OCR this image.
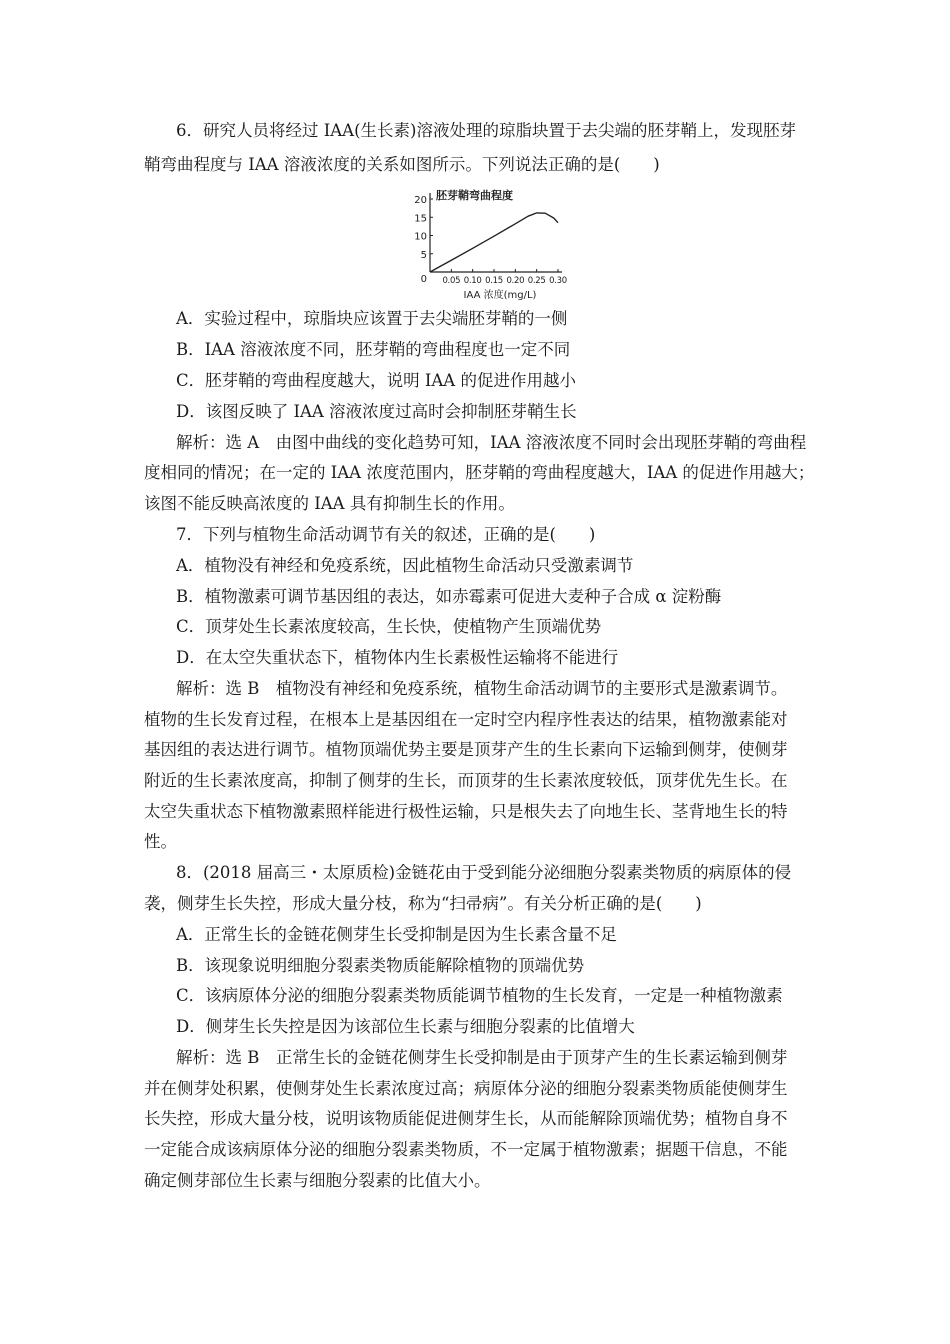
6．研究人员将经过 IAA(生长素)溶液处理的琼脂块置于去尖端的胚芽鞘上，发现胚芽
鞘弯曲程度与 IAA 溶液浓度的关系如图所示。下列说法正确的是(　　)
5
10
15
20
0.05 0.10 0.15 0.20 0.25 0.30
0
胚芽鞘弯曲程度
IAA 浓度(mg/L)
A．实验过程中，琼脂块应该置于去尖端胚芽鞘的一侧
B．IAA 溶液浓度不同，胚芽鞘的弯曲程度也一定不同
C．胚芽鞘的弯曲程度越大，说明 IAA 的促进作用越小
D．该图反映了 IAA 溶液浓度过高时会抑制胚芽鞘生长
解析：选 A　由图中曲线的变化趋势可知，IAA 溶液浓度不同时会出现胚芽鞘的弯曲程
度相同的情况；在一定的 IAA 浓度范围内，胚芽鞘的弯曲程度越大，IAA 的促进作用越大；
该图不能反映高浓度的 IAA 具有抑制生长的作用。
7．下列与植物生命活动调节有关的叙述，正确的是(　　)
A．植物没有神经和免疫系统，因此植物生命活动只受激素调节
B．植物激素可调节基因组的表达，如赤霉素可促进大麦种子合成 α 淀粉酶
C．顶芽处生长素浓度较高，生长快，使植物产生顶端优势
D．在太空失重状态下，植物体内生长素极性运输将不能进行
解析：选 B　植物没有神经和免疫系统，植物生命活动调节的主要形式是激素调节。
植物的生长发育过程，在根本上是基因组在一定时空内程序性表达的结果，植物激素能对
基因组的表达进行调节。植物顶端优势主要是顶芽产生的生长素向下运输到侧芽，使侧芽
附近的生长素浓度高，抑制了侧芽的生长，而顶芽的生长素浓度较低，顶芽优先生长。在
太空失重状态下植物激素照样能进行极性运输，只是根失去了向地生长、茎背地生长的特
性。
8．(2018 届高三・太原质检)金链花由于受到能分泌细胞分裂素类物质的病原体的侵
袭，侧芽生长失控，形成大量分枝，称为“扫帚病”。有关分析正确的是(　　)
A．正常生长的金链花侧芽生长受抑制是因为生长素含量不足
B．该现象说明细胞分裂素类物质能解除植物的顶端优势
C．该病原体分泌的细胞分裂素类物质能调节植物的生长发育，一定是一种植物激素
D．侧芽生长失控是因为该部位生长素与细胞分裂素的比值增大
解析：选 B　正常生长的金链花侧芽生长受抑制是由于顶芽产生的生长素运输到侧芽
并在侧芽处积累，使侧芽处生长素浓度过高；病原体分泌的细胞分裂素类物质能使侧芽生
长失控，形成大量分枝，说明该物质能促进侧芽生长，从而能解除顶端优势；植物自身不
一定能合成该病原体分泌的细胞分裂素类物质，不一定属于植物激素；据题干信息，不能
确定侧芽部位生长素与细胞分裂素的比值大小。
